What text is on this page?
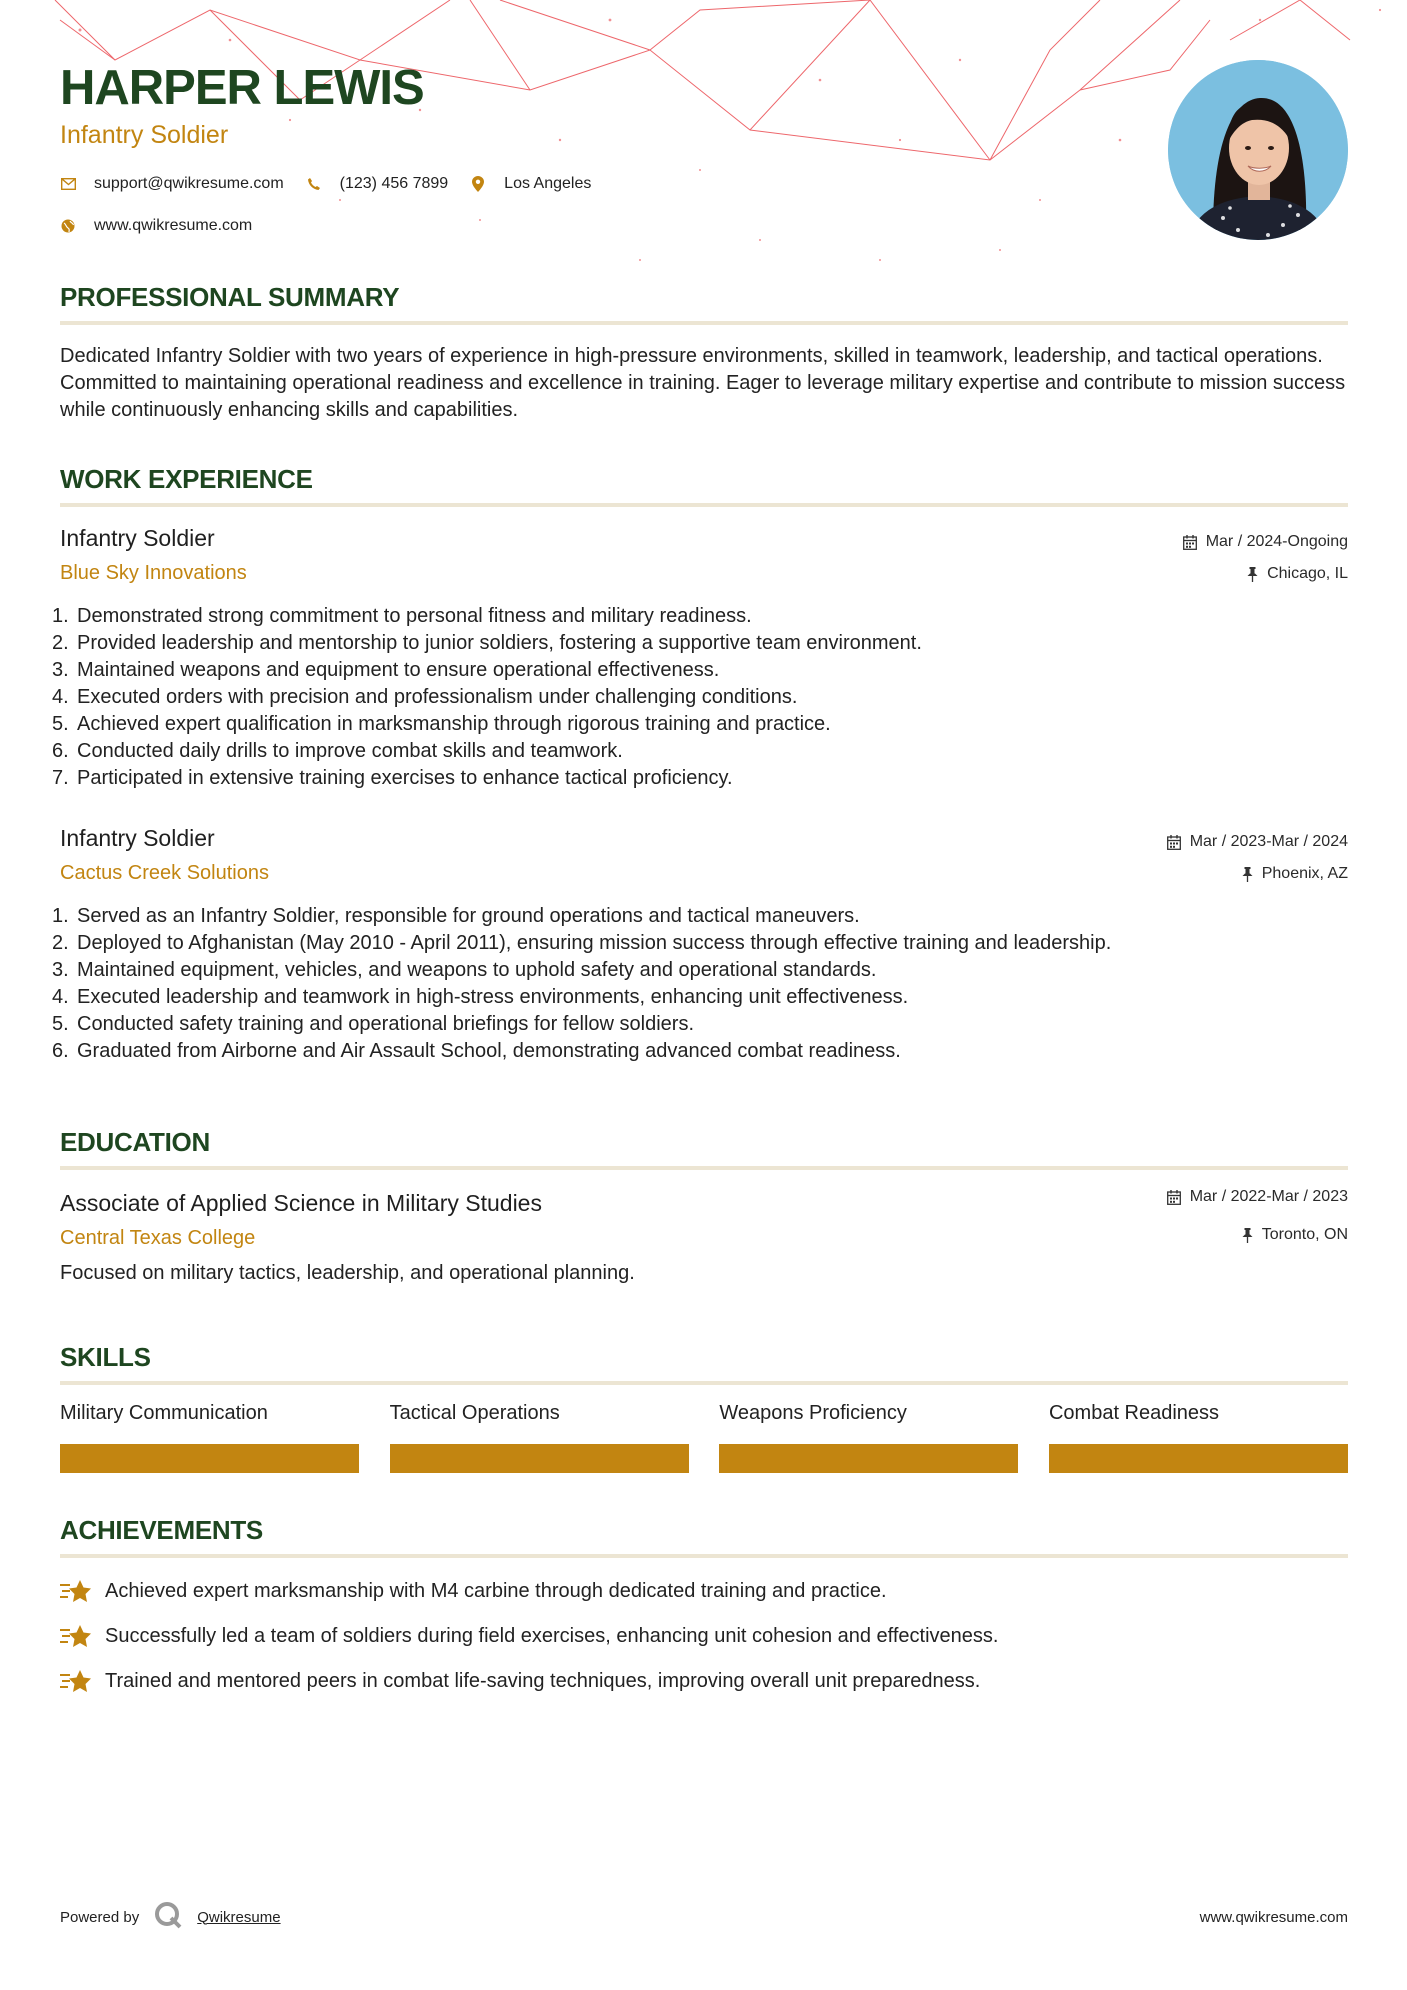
HARPER LEWIS
Infantry Soldier
support@qwikresume.com	(123) 456 7899	Los Angeles
www.qwikresume.com
PROFESSIONAL SUMMARY
Dedicated Infantry Soldier with two years of experience in high-pressure environments, skilled in teamwork, leadership, and tactical operations. Committed to maintaining operational readiness and excellence in training. Eager to leverage military expertise and contribute to mission success while continuously enhancing skills and capabilities.
WORK EXPERIENCE
Infantry Soldier
Blue Sky Innovations
Mar / 2024-Ongoing
Chicago, IL
1. Demonstrated strong commitment to personal fitness and military readiness.
2. Provided leadership and mentorship to junior soldiers, fostering a supportive team environment.
3. Maintained weapons and equipment to ensure operational effectiveness.
4. Executed orders with precision and professionalism under challenging conditions.
5. Achieved expert qualification in marksmanship through rigorous training and practice.
6. Conducted daily drills to improve combat skills and teamwork.
7. Participated in extensive training exercises to enhance tactical proficiency.
Infantry Soldier
Cactus Creek Solutions
Mar / 2023-Mar / 2024
Phoenix, AZ
1. Served as an Infantry Soldier, responsible for ground operations and tactical maneuvers.
2. Deployed to Afghanistan (May 2010 - April 2011), ensuring mission success through effective training and leadership.
3. Maintained equipment, vehicles, and weapons to uphold safety and operational standards.
4. Executed leadership and teamwork in high-stress environments, enhancing unit effectiveness.
5. Conducted safety training and operational briefings for fellow soldiers.
6. Graduated from Airborne and Air Assault School, demonstrating advanced combat readiness.
EDUCATION
Associate of Applied Science in Military Studies
Central Texas College
Mar / 2022-Mar / 2023
Toronto, ON
Focused on military tactics, leadership, and operational planning.
SKILLS
Military Communication	Tactical Operations	Weapons Proficiency	Combat Readiness
ACHIEVEMENTS
Achieved expert marksmanship with M4 carbine through dedicated training and practice.
Successfully led a team of soldiers during field exercises, enhancing unit cohesion and effectiveness.
Trained and mentored peers in combat life-saving techniques, improving overall unit preparedness.
Powered by	Qwikresume	www.qwikresume.com
